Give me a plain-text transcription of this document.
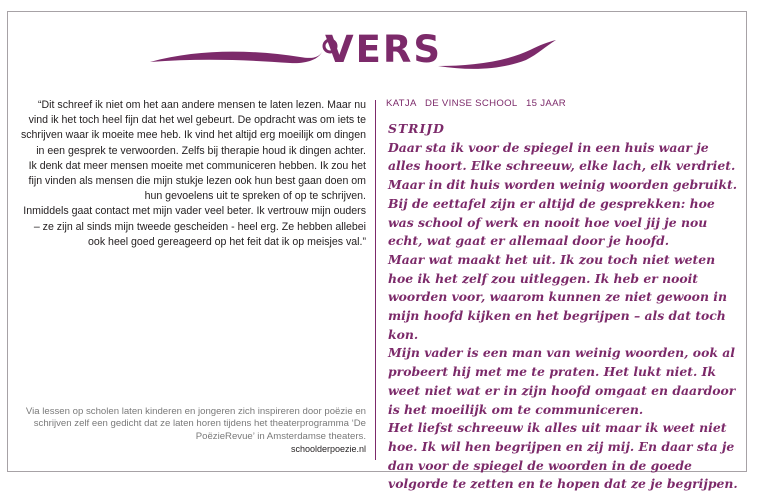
VERS

“Dit schreef ik niet om het aan andere mensen te laten lezen. Maar nu vind ik het toch heel fijn dat het wel gebeurt. De opdracht was om iets te schrijven waar ik moeite mee heb. Ik vind het altijd erg moeilijk om dingen in een gesprek te verwoorden. Zelfs bij therapie houd ik dingen achter.

Ik denk dat meer mensen moeite met communiceren hebben. Ik zou het fijn vinden als mensen die mijn stukje lezen ook hun best gaan doen om hun gevoelens uit te spreken of op te schrijven.

Inmiddels gaat contact met mijn vader veel beter. Ik vertrouw mijn ouders – ze zijn al sinds mijn tweede gescheiden - heel erg. Ze hebben allebei ook heel goed gereageerd op het feit dat ik op meisjes val.”

Via lessen op scholen laten kinderen en jongeren zich inspireren door poëzie en schrijven zelf een gedicht dat ze laten horen tijdens het theaterprogramma ‘De PoëzieRevue’ in Amsterdamse theaters.

schoolderpoezie.nl

KATJA DE VINSE SCHOOL 15 JAAR

STRIJD

Daar sta ik voor de spiegel in een huis waar je alles hoort. Elke schreeuw, elke lach, elk verdriet.
Maar in dit huis worden weinig woorden gebruikt.
Bij de eettafel zijn er altijd de gesprekken: hoe was school of werk en nooit hoe voel jij je nou echt, wat gaat er allemaal door je hoofd.
Maar wat maakt het uit. Ik zou toch niet weten hoe ik het zelf zou uitleggen. Ik heb er nooit woorden voor, waarom kunnen ze niet gewoon in mijn hoofd kijken en het begrijpen – als dat toch kon.
Mijn vader is een man van weinig woorden, ook al probeert hij met me te praten. Het lukt niet. Ik weet niet wat er in zijn hoofd omgaat en daardoor is het moeilijk om te communiceren.
Het liefst schreeuw ik alles uit maar ik weet niet hoe. Ik wil hen begrijpen en zij mij. En daar sta je dan voor de spiegel de woorden in de goede volgorde te zetten en te hopen dat ze je begrijpen.
